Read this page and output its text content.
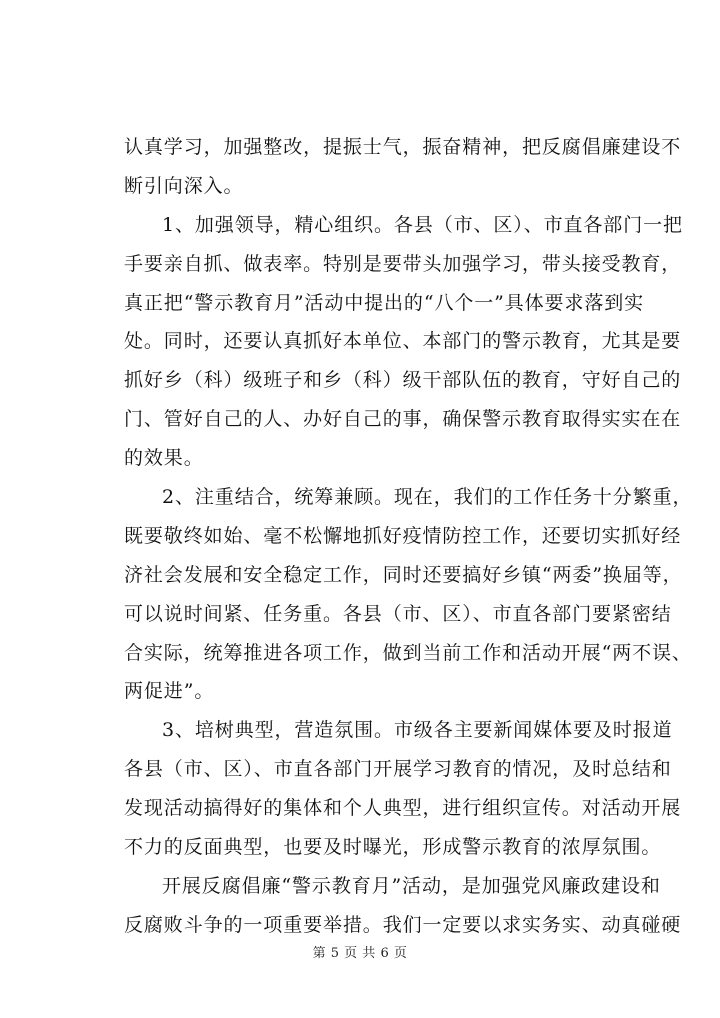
认真学习，加强整改，提振士气，振奋精神，把反腐倡廉建设不
断引向深入。
1、加强领导，精心组织。各县（市、区）、市直各部门一把
手要亲自抓、做表率。特别是要带头加强学习，带头接受教育，
真正把“警示教育月”活动中提出的“八个一”具体要求落到实
处。同时，还要认真抓好本单位、本部门的警示教育，尤其是要
抓好乡（科）级班子和乡（科）级干部队伍的教育，守好自己的
门、管好自己的人、办好自己的事，确保警示教育取得实实在在
的效果。
2、注重结合，统筹兼顾。现在，我们的工作任务十分繁重，
既要敬终如始、毫不松懈地抓好疫情防控工作，还要切实抓好经
济社会发展和安全稳定工作，同时还要搞好乡镇“两委”换届等，
可以说时间紧、任务重。各县（市、区）、市直各部门要紧密结
合实际，统筹推进各项工作，做到当前工作和活动开展“两不误、
两促进”。
3、培树典型，营造氛围。市级各主要新闻媒体要及时报道
各县（市、区）、市直各部门开展学习教育的情况，及时总结和
发现活动搞得好的集体和个人典型，进行组织宣传。对活动开展
不力的反面典型，也要及时曝光，形成警示教育的浓厚氛围。
开展反腐倡廉“警示教育月”活动，是加强党风廉政建设和
反腐败斗争的一项重要举措。我们一定要以求实务实、动真碰硬
第 5 页 共 6 页
